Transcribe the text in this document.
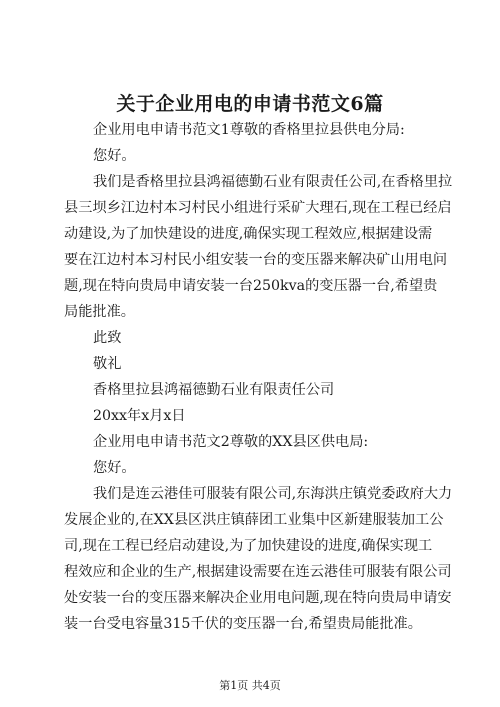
关于企业用电的申请书范文6篇
企业用电申请书范文1尊敬的香格里拉县供电分局:
您好。
我们是香格里拉县鸿福德勤石业有限责任公司,在香格里拉
县三坝乡江边村本习村民小组进行采矿大理石,现在工程已经启
动建设,为了加快建设的进度,确保实现工程效应,根据建设需
要在江边村本习村民小组安装一台的变压器来解决矿山用电问
题,现在特向贵局申请安装一台250kva的变压器一台,希望贵
局能批准。
此致
敬礼
香格里拉县鸿福德勤石业有限责任公司
20xx年x月x日
企业用电申请书范文2尊敬的XX县区供电局:
您好。
我们是连云港佳可服装有限公司,东海洪庄镇党委政府大力
发展企业的,在XX县区洪庄镇薛团工业集中区新建服装加工公
司,现在工程已经启动建设,为了加快建设的进度,确保实现工
程效应和企业的生产,根据建设需要在连云港佳可服装有限公司
处安装一台的变压器来解决企业用电问题,现在特向贵局申请安
装一台受电容量315千伏的变压器一台,希望贵局能批准。
第1页 共4页
